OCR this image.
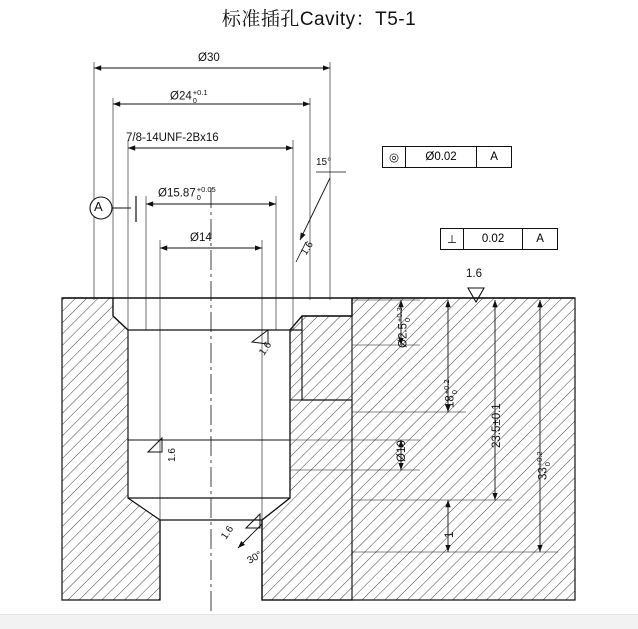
标准插孔Cavity：T5-1
Ø30
Ø24 +0.1
0
7/8-14UNF-2Bx16
Ø15.87 +0.05
0
Ø14
A
15°
1.6
1.6
1.6
1.6
30°
1.6
Ø2.5
+0.3
0
18
+0.2
0
23.5±0.1
33
+0.2
0
1
Ø10
◎	Ø0.02	A
⊥	0.02	A
